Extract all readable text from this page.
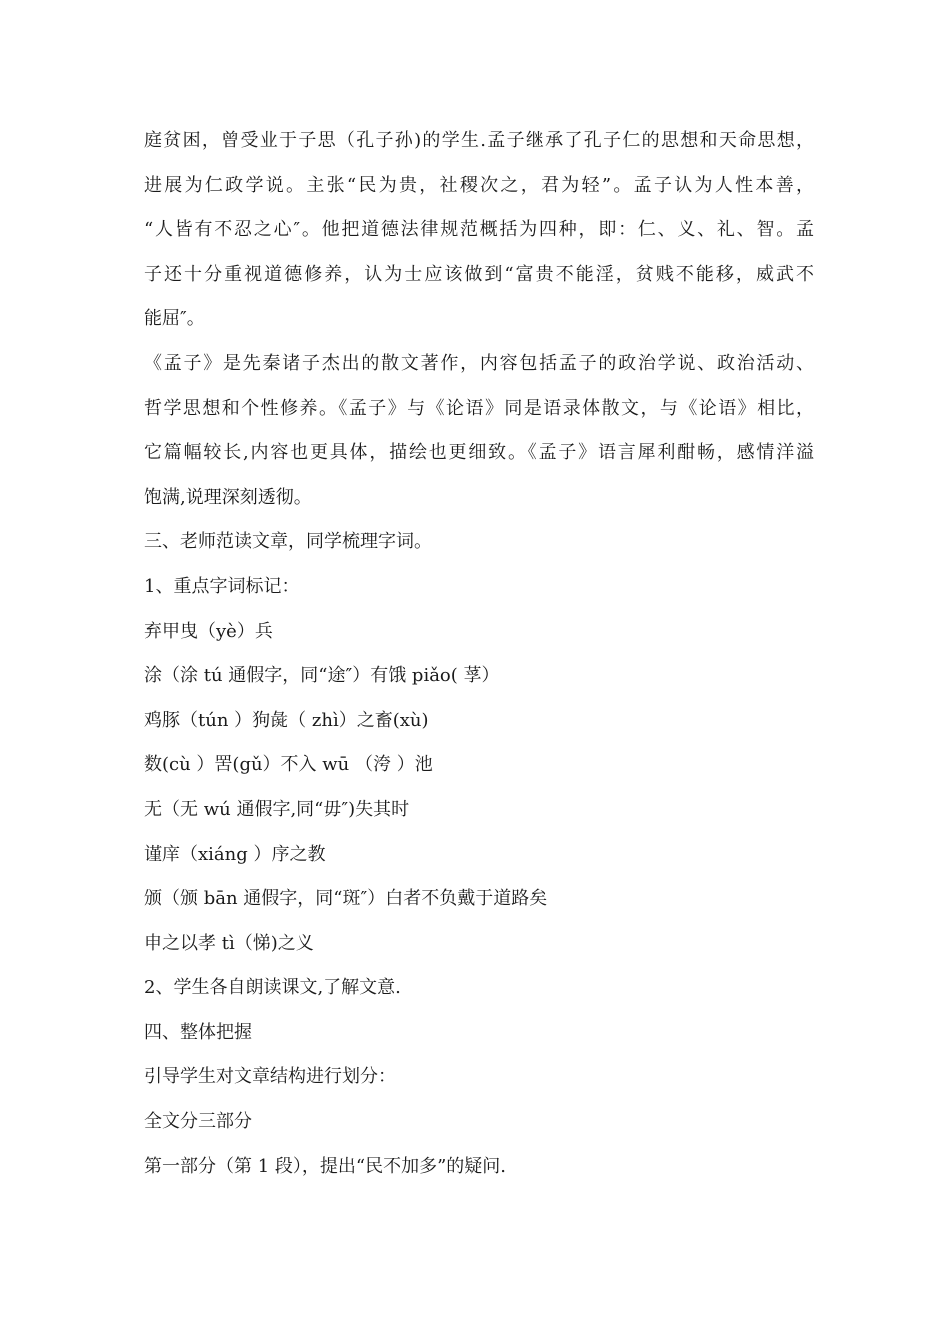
庭贫困，曾受业于子思（孔子孙)的学生.孟子继承了孔子仁的思想和天命思想，
进展为仁政学说。主张“民为贵，社稷次之，君为轻”。孟子认为人性本善，
“人皆有不忍之心″。他把道德法律规范概括为四种，即：仁、义、礼、智。孟
子还十分重视道德修养，认为士应该做到“富贵不能淫，贫贱不能移，威武不
能屈″。
《孟子》是先秦诸子杰出的散文著作，内容包括孟子的政治学说、政治活动、
哲学思想和个性修养。《孟子》与《论语》同是语录体散文，与《论语》相比，
它篇幅较长,内容也更具体，描绘也更细致。《孟子》语言犀利酣畅，感情洋溢
饱满,说理深刻透彻。
三、老师范读文章，同学梳理字词。
1、重点字词标记：
弃甲曳（yè）兵
涂（涂 tú 通假字，同“途″）有饿 piǎo( 莩）
鸡豚（tún ）狗彘（ zhì）之畜(xù)
数(cù ）罟(gǔ）不入 wū （洿 ）池
无（无 wú 通假字,同“毋″)失其时
谨庠（xiáng ）序之教
颁（颁 bān 通假字，同“斑″）白者不负戴于道路矣
申之以孝 tì（悌)之义
2、学生各自朗读课文,了解文意.
四、整体把握
引导学生对文章结构进行划分：
全文分三部分
第一部分（第 1 段），提出“民不加多”的疑问.
